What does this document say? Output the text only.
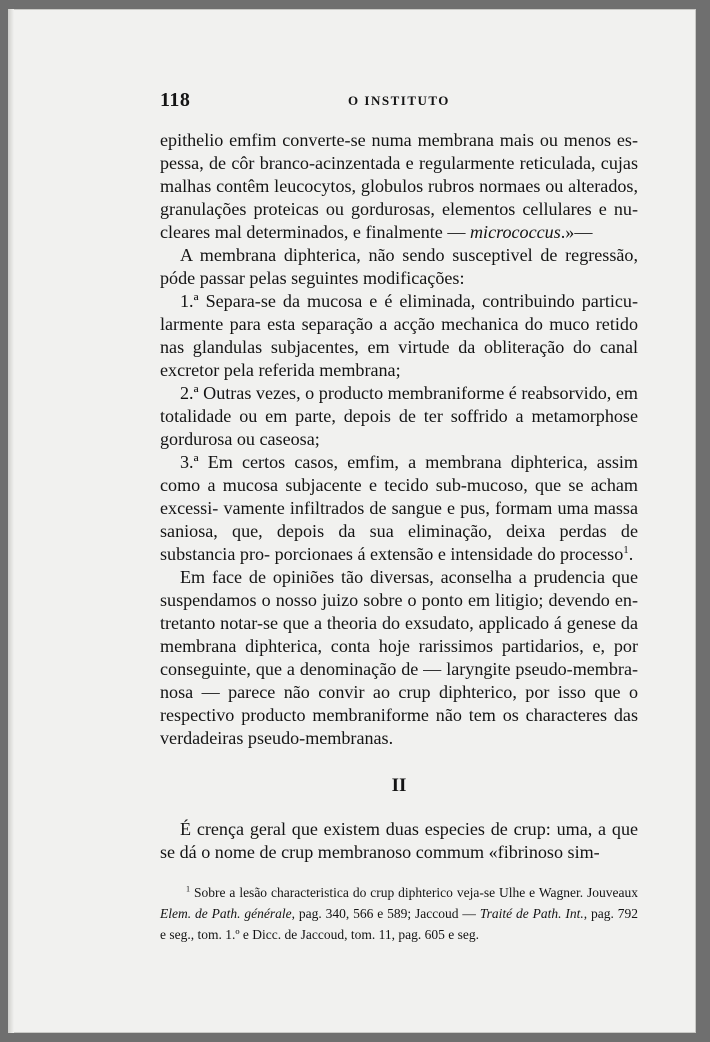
118	O INSTITUTO

epithelio emfim converte-se numa membrana mais ou menos es- pessa, de côr branco-acinzentada e regularmente reticulada, cujas malhas contêm leucocytos, globulos rubros normaes ou alterados, granulações proteicas ou gordurosas, elementos cellulares e nu- cleares mal determinados, e finalmente — micrococcus.»—

A membrana diphterica, não sendo susceptivel de regressão, póde passar pelas seguintes modificações:

1.ª Separa-se da mucosa e é eliminada, contribuindo particu- larmente para esta separação a acção mechanica do muco retido nas glandulas subjacentes, em virtude da obliteração do canal excretor pela referida membrana;

2.ª Outras vezes, o producto membraniforme é reabsorvido, em totalidade ou em parte, depois de ter soffrido a metamorphose gordurosa ou caseosa;

3.ª Em certos casos, emfim, a membrana diphterica, assim como a mucosa subjacente e tecido sub-mucoso, que se acham excessi- vamente infiltrados de sangue e pus, formam uma massa saniosa, que, depois da sua eliminação, deixa perdas de substancia pro- porcionaes á extensão e intensidade do processo$^1$.

Em face de opiniões tão diversas, aconselha a prudencia que suspendamos o nosso juizo sobre o ponto em litigio; devendo en- tretanto notar-se que a theoria do exsudato, applicado á genese da membrana diphterica, conta hoje rarissimos partidarios, e, por conseguinte, que a denominação de — laryngite pseudo-membra- nosa — parece não convir ao crup diphterico, por isso que o respectivo producto membraniforme não tem os characteres das verdadeiras pseudo-membranas.

II

É crença geral que existem duas especies de crup: uma, a que se dá o nome de crup membranoso commum «fibrinoso sim-

$^1$ Sobre a lesão characteristica do crup diphterico veja-se Ulhe e Wagner. Jouveaux Elem. de Path. générale, pag. 340, 566 e 589; Jaccoud — Traité de Path. Int., pag. 792 e seg., tom. 1.º e Dicc. de Jaccoud, tom. 11, pag. 605 e seg.
